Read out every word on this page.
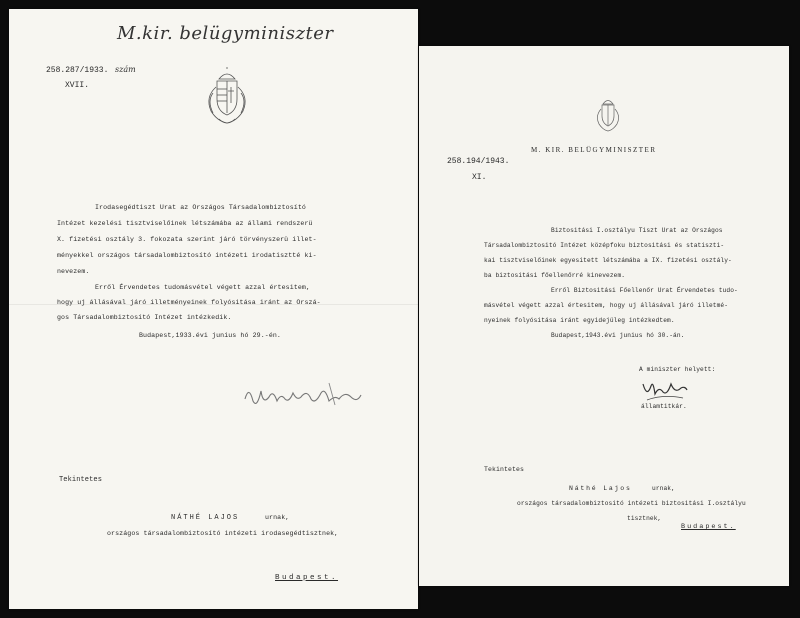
M.kir. belügyminiszter
258.287/1933. szám
XVII.
Irodasegédtiszt Urat az Országos Társadalombiztosító
Intézet kezelési tisztviselőinek létszámába az állami rendszerü
X. fizetési osztály 3. fokozata szerint járó törvényszerü illet-
ményekkel országos társadalombiztosító intézeti irodatisztté ki-
nevezem.
Erről Érvendetes tudomásvétel végett azzal értesitem,
hogy uj állásával járó illetményeinek folyósitása iránt az Orszá-
gos Társadalombiztosító Intézet intézkedik.
Budapest,1933.évi junius hó 29.-én.
Tekintetes
NÁTHÉ LAJOS	urnak,
országos társadalombiztosító intézeti irodasegédtisztnek,
Budapest.
M. KIR. BELÜGYMINISZTER
258.194/1943.
XI.
Biztositási I.osztályu Tiszt Urat az Országos
Társadalombiztositó Intézet középfoku biztositási és statiszti-
kai tisztviselőinek egyesitett létszámába a IX. fizetési osztály-
ba biztositási főellenőrré kinevezem.
Erről Biztositási Főellenőr Urat Érvendetes tudo-
másvétel végett azzal értesitem, hogy uj állásával járó illetmé-
nyeinek folyósitása iránt egyidejüleg intézkedtem.
Budapest,1943.évi junius hó 30.-án.
A miniszter helyett:
államtitkár.
Tekintetes
Náthé Lajos	urnak,
országos társadalombiztositó intézeti biztositási I.osztályu
tisztnek,
Budapest.
